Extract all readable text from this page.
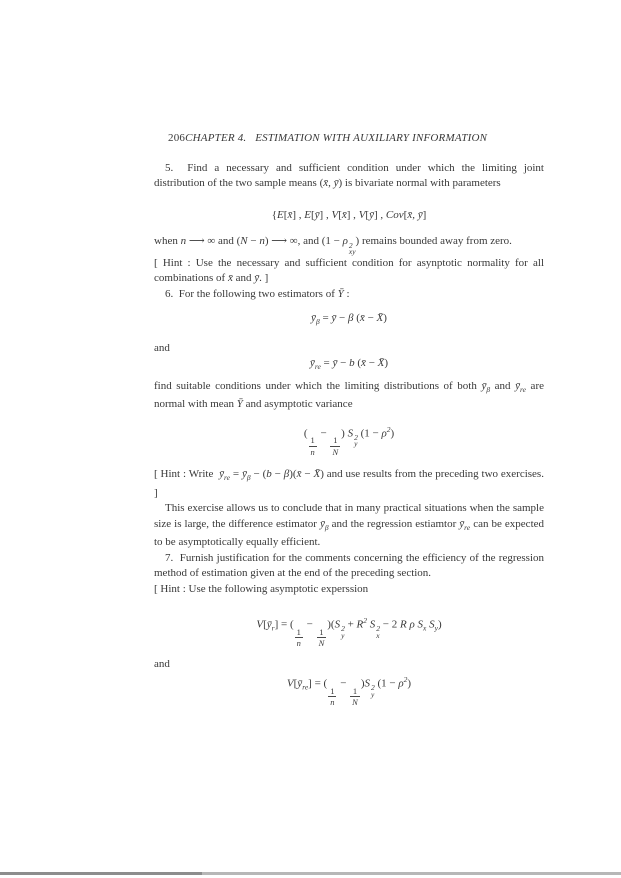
206CHAPTER 4.   ESTIMATION WITH AUXILIARY INFORMATION

5.  Find a necessary and sufficient condition under which the limiting joint distribution of the two sample means (x̄, ȳ) is bivariate normal with parameters

{E[x̄] , E[ȳ] , V[x̄] , V[ȳ] , Cov[x̄, ȳ]

when n ⟶ ∞ and (N − n) ⟶ ∞, and (1 − ρ 2
xy
) remains bounded away from zero.

[ Hint : Use the necessary and sufficient condition for asynptotic normality for all combinations of x̄ and ȳ. ]

6.  For the following two estimators of Ȳ :

$ȳ_\beta$ = ȳ − β (x̄ − X̄)

and

$ȳ_{re}$ = ȳ − b (x̄ − X̄)

find suitable conditions under which the limiting distributions of both $ȳ_\beta$ and $ȳ_{re}$ are normal with mean Ȳ and asymptotic variance

(
$\frac{1}{n}$
−
$\frac{1}{N}$
) S 2
y
$(1 - \rho^2)$

[ Hint : Write  $ȳ_{re}$ = $ȳ_\beta - (b$ − β)(x̄ − X̄) and use results from the preceding two exercises. ]

This exercise allows us to conclude that in many practical situations when the sample size is large, the difference estimator $ȳ_\beta$ and the regression estiamtor $ȳ_{re}$ can be expected to be asymptotically equally efficient.

7.  Furnish justification for the comments concerning the efficiency of the regression method of estimation given at the end of the preceding section.

[ Hint : Use the following asymptotic experssion

$V[ȳ_r]$ = (
$\frac{1}{n}$
−
$\frac{1}{N}$
)(S 2
y
+ $R^2$ S 2
x
− 2 R ρ $S_x$ $S_y$)

and

$V[ȳ_{re}]$ = (
$\frac{1}{n}$
−
$\frac{1}{N}$
)S 2
y
$(1 - \rho^2)$
